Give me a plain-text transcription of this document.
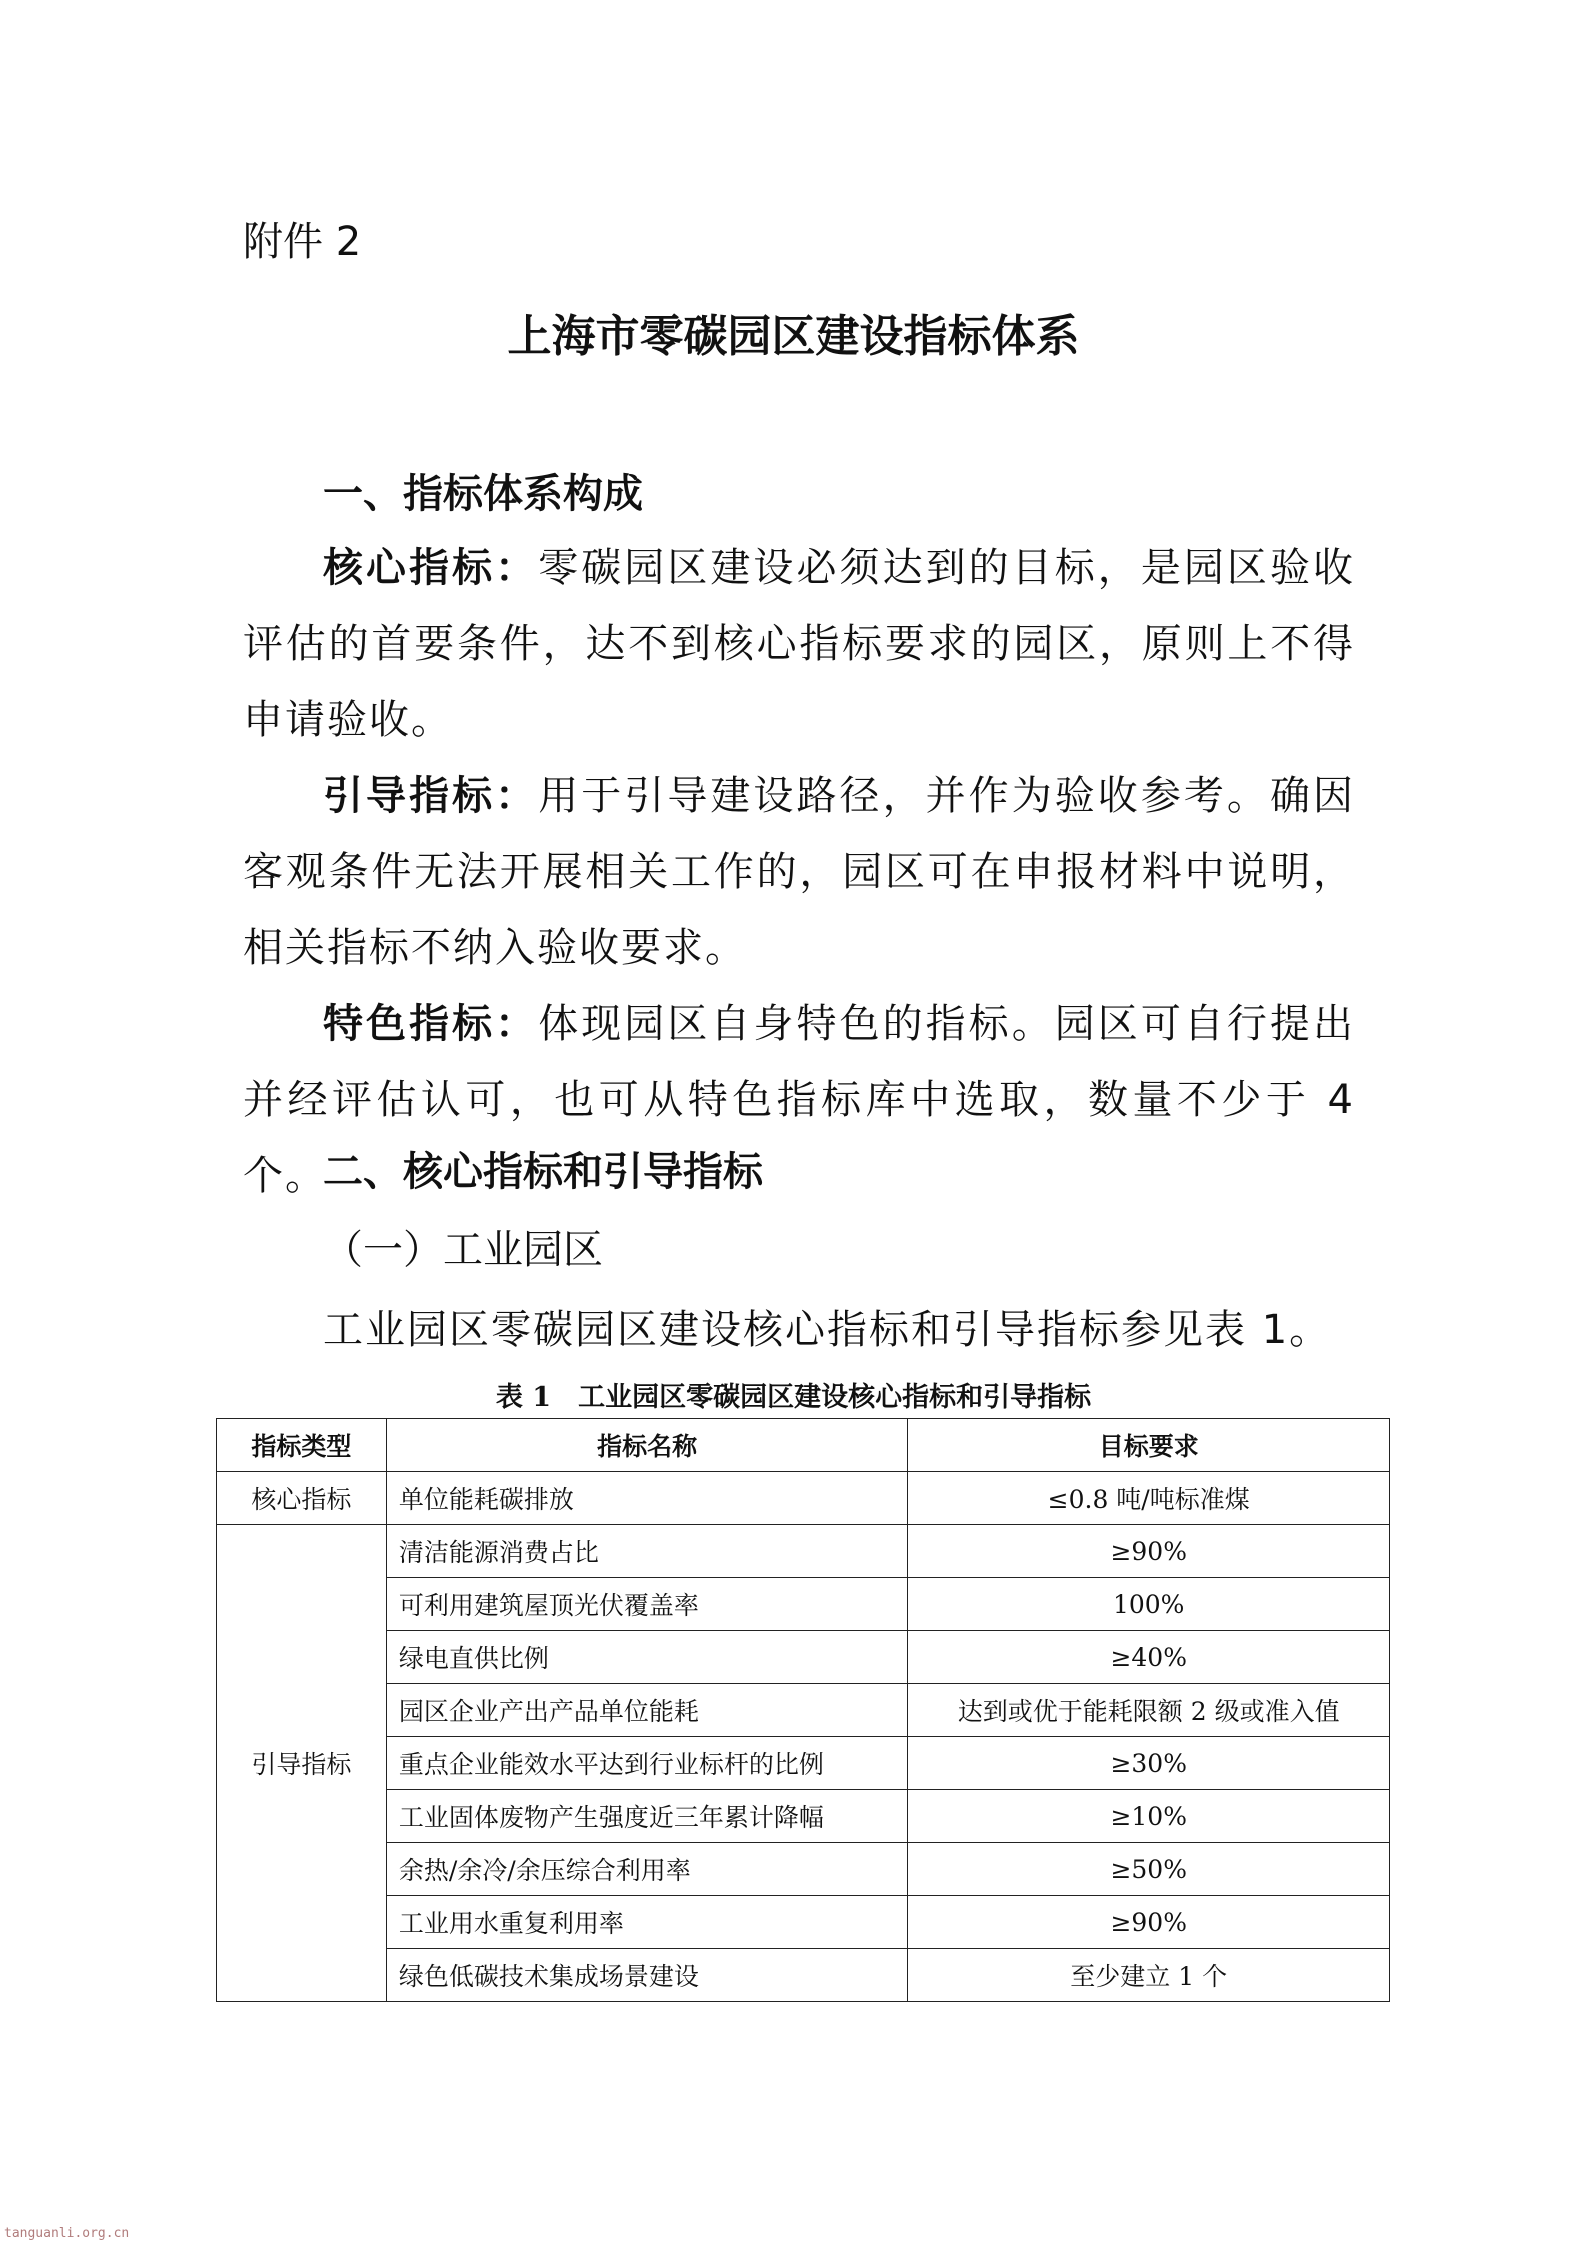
附件 2
上海市零碳园区建设指标体系
一、指标体系构成
核心指标：零碳园区建设必须达到的目标，是园区验收评估的首要条件，达不到核心指标要求的园区，原则上不得申请验收。
引导指标：用于引导建设路径，并作为验收参考。确因客观条件无法开展相关工作的，园区可在申报材料中说明，相关指标不纳入验收要求。
特色指标：体现园区自身特色的指标。园区可自行提出并经评估认可，也可从特色指标库中选取，数量不少于 4 个。
二、核心指标和引导指标
（一）工业园区
工业园区零碳园区建设核心指标和引导指标参见表 1。
表 1　工业园区零碳园区建设核心指标和引导指标
指标类型	指标名称	目标要求
核心指标	单位能耗碳排放	≤0.8 吨/吨标准煤
引导指标	清洁能源消费占比	≥90%
	可利用建筑屋顶光伏覆盖率	100%
	绿电直供比例	≥40%
	园区企业产出产品单位能耗	达到或优于能耗限额 2 级或准入值
	重点企业能效水平达到行业标杆的比例	≥30%
	工业固体废物产生强度近三年累计降幅	≥10%
	余热/余冷/余压综合利用率	≥50%
	工业用水重复利用率	≥90%
	绿色低碳技术集成场景建设	至少建立 1 个
tanguanli.org.cn
